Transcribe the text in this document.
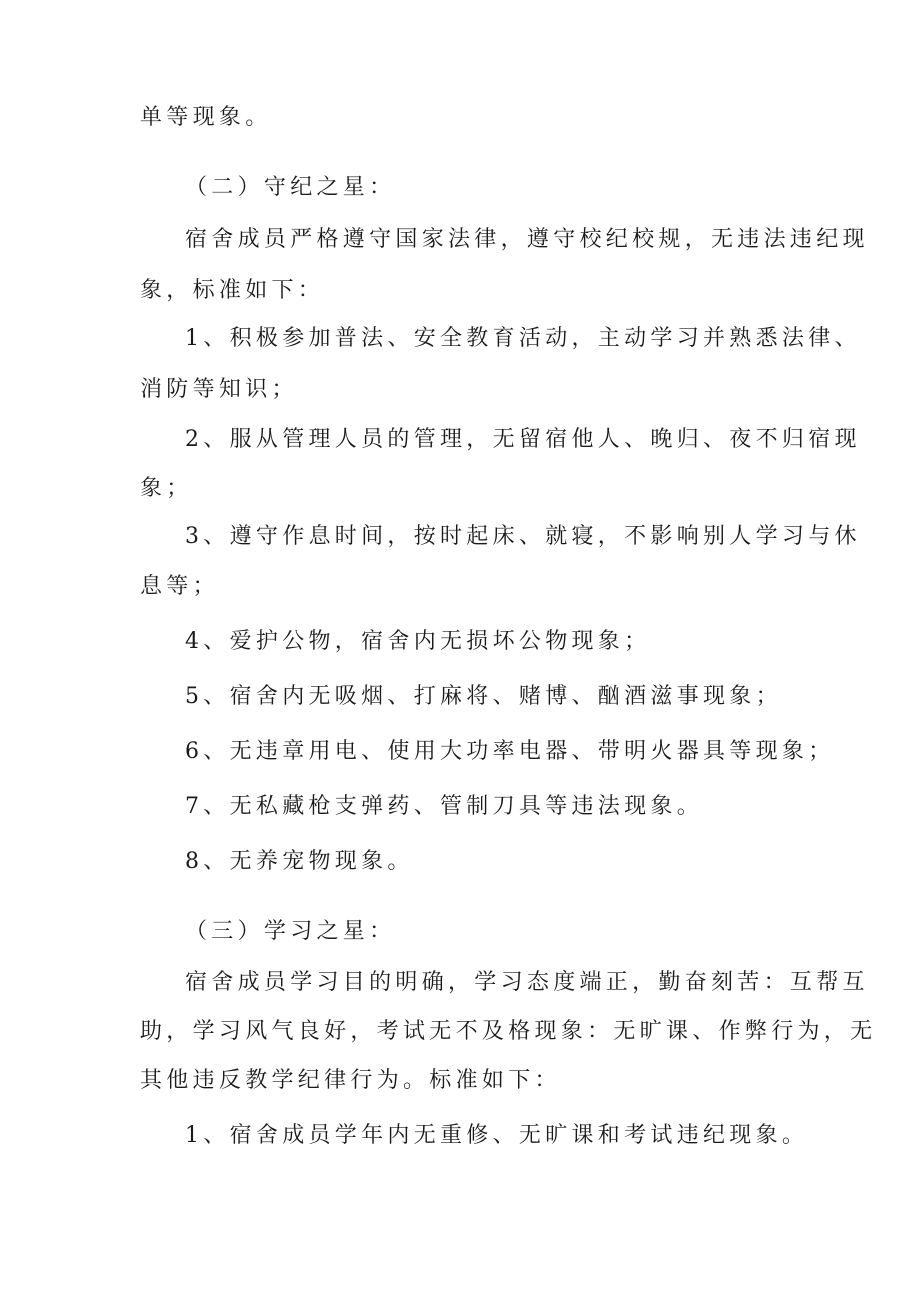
单等现象。

（二）守纪之星：

宿舍成员严格遵守国家法律，遵守校纪校规，无违法违纪现

象，标准如下：

1、积极参加普法、安全教育活动，主动学习并熟悉法律、

消防等知识；

2、服从管理人员的管理，无留宿他人、晚归、夜不归宿现

象；

3、遵守作息时间，按时起床、就寝，不影响别人学习与休

息等；

4、爱护公物，宿舍内无损坏公物现象；

5、宿舍内无吸烟、打麻将、赌博、酗酒滋事现象；

6、无违章用电、使用大功率电器、带明火器具等现象；

7、无私藏枪支弹药、管制刀具等违法现象。

8、无养宠物现象。

（三）学习之星：

宿舍成员学习目的明确，学习态度端正，勤奋刻苦：互帮互

助，学习风气良好，考试无不及格现象：无旷课、作弊行为，无

其他违反教学纪律行为。标准如下：

1、宿舍成员学年内无重修、无旷课和考试违纪现象。
